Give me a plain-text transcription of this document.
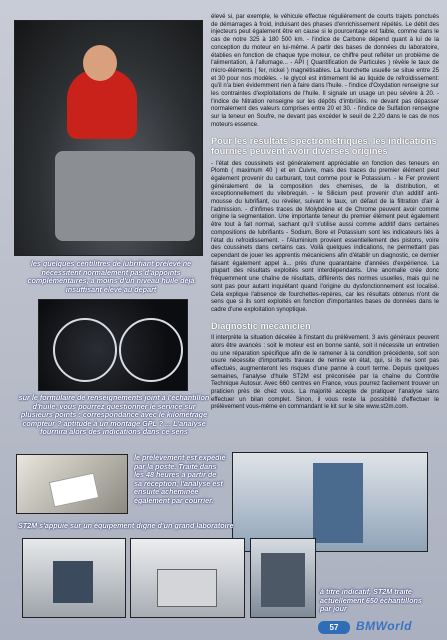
les quelques centilitres de lubrifiant prélevé ne nécessitent normalement pas d'appoints complémentaires, à moins d'un niveau huile déjà insuffisant élevé au départ
sur le formulaire de renseignements joint à l'échantillon d'huile, vous pourrez questionner le service sur plusieurs points : correspondance avec le kilométrage compteur ? aptitude à un montage GPL ? ... L'analyse fournira alors des indications dans ce sens
le prélèvement est expédié par la poste. Traité dans les 48 heures à partir de sa réception, l'analyse est ensuite acheminée également par courrier.
ST2M s'appuie sur un équipement digne d'un grand laboratoire
à titre indicatif, ST2M traite actuellement 650 échantillons par jour

élevé si, par exemple, le véhicule effectue régulièrement de courts trajets ponctués de démarrages à froid, induisant des phases d'enrichissement répétés. Le débit des injecteurs peut également être en cause si le pourcentage est faible, comme dans le cas de notre 325 à 180 500 km. - l'indice de Carbone dépend quant à lui de la conception du moteur en lui-même. A partir des bases de données du laboratoire, établies en fonction de chaque type moteur, ce chiffre peut refléter un problème de l'alimentation, à l'allumage... - API ( Quantification de Particules ) révèle le taux de micro-éléments ( fer, nickel ) magnétisables. La fourchette usuelle se situe entre 25 et 30 pour nos modèles. - le glycol est intimement lié au liquide de refroidissement: qu'il n'a bien évidemment rien à faire dans l'huile. - l'indice d'Oxydation renseigne sur les contraintes d'exploitations de l'huile. Il signale un usage un peu sévère à 20. - l'indice de Nitration renseigne sur les dépôts d'imbrûlés. ne devant pas dépasser normalement des valeurs comprises entre 20 et 30. - l'indice de Sulfation renseigne sur la teneur en Soufre, ne devant pas excéder le seuil de 2,20 dans le cas de nos moteurs essence.

Pour les résultats spectrométriques, les indications fournies peuvent avoir diverses origines

- l'état des coussinets est généralement appréciable en fonction des teneurs en Plomb ( maximum 40 ) et en Cuivre, mais des traces du premier élément peut également provenir du carburant, tout comme pour le Potassium. - le Fer provient généralement de la composition des chemises, de la distribution, et exceptionnellement du vilebrequin. - le Silicium peut provenir d'un additif anti-mousse du lubrifiant, ou révéler, suivant le taux, un défaut de la filtration d'air à l'admission. - d'infimes traces de Molybdène et de Chrome peuvent avoir comme origine la segmentation. Une importante teneur du premier élément peut également être tout à fait normal, sachant qu'il s'utilise aussi comme additif dans certaines compositions de lubrifiants - Sodium, Bore et Potassium sont les indicateurs liés à l'état du refroidissement. - l'Aluminium provient essentiellement des pistons, voire des coussinets dans certains cas. Voilà quelques indications, ne permettant pas cependant de jouer les apprentis mécaniciens afin d'établir un diagnostic, ce dernier faisant également appel à... près d'une quarantaine d'années d'expérience. La plupart des résultats exploités sont interdépendants. Une anomalie crée donc fréquemment une chaîne de résultats, différents des normes usuelles, mais qui ne sont pas pour autant inquiétant quand l'origine du dysfonctionnement est localisé. Cela explique l'absence de fourchettes-repères, car les résultats obtenus n'ont de sens que si ils sont exploités en fonction d'importantes bases de données dans le cadre d'une exploitation synoptique.

Diagnostic mécanicien

Il interprète la situation décelée à l'instant du prélèvement. 3 avis généraux peuvent alors être avancés : soit le moteur est en bonne santé, soit il nécessite un entretien ou une réparation spécifique afin de le ramener à la condition précédente, soit son usure nécessite d'importants travaux de remise en état, qui, si ils ne sont pas effectués, augmenteront les risques d'une panne à court terme. Depuis quelques semaines, l'analyse d'huile ST2M est préconisée par la chaîne du Contrôle Technique Autosur. Avec 660 centres en France, vous pourrez facilement trouver un praticien près de chez vous. La majorité accepte de pratiquer l'analyse sans effectuer un bilan complet. Sinon, il vous reste la possibilité d'effectuer le prélèvement vous-même en commandant le kit sur le site www.st2m.com.

57	BMWorld
